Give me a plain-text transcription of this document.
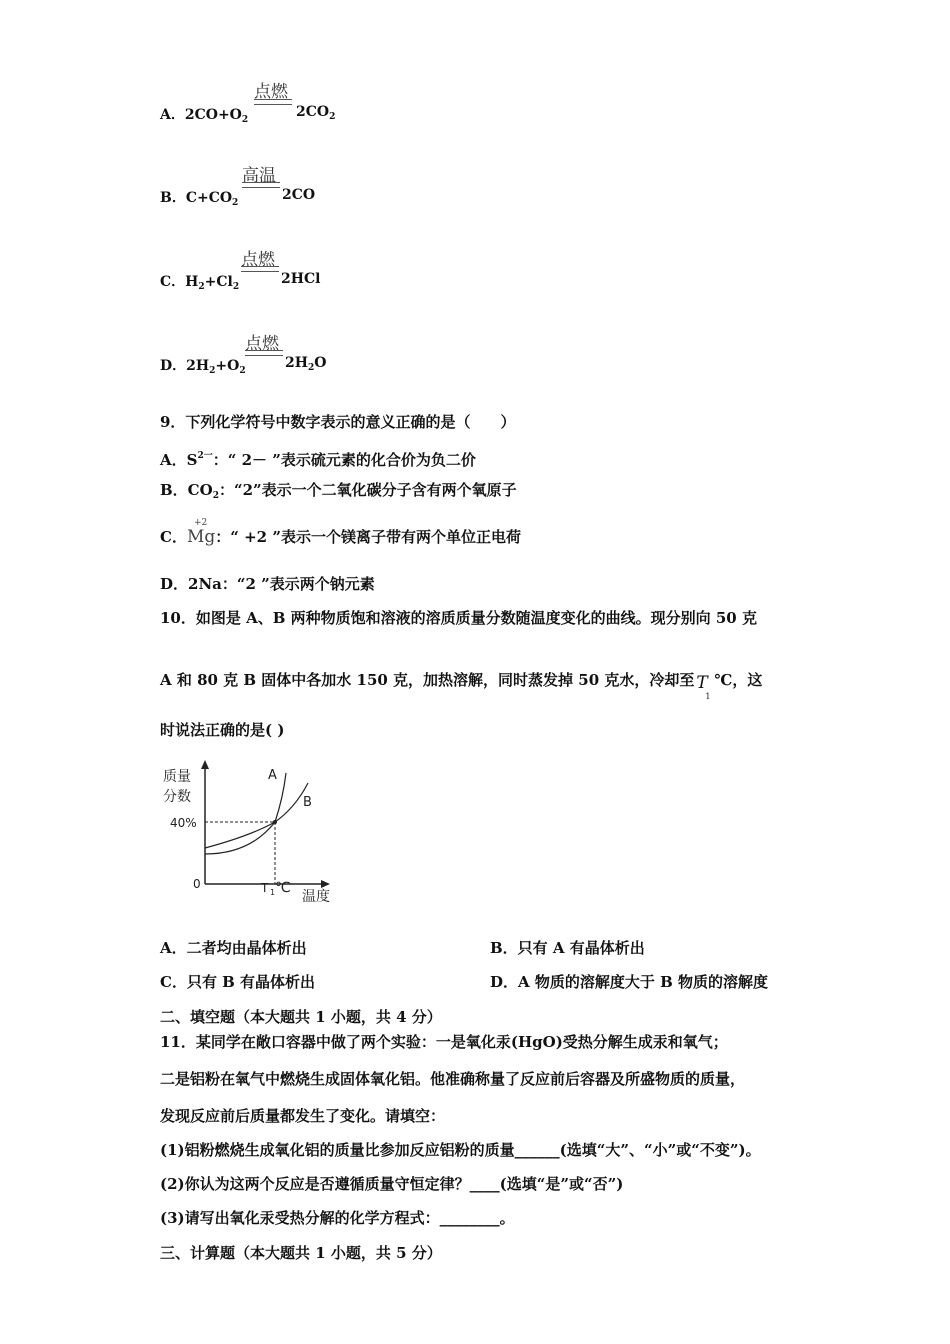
点燃
A．$2CO+O_2$	$2CO_2$
高温
B．$C+CO_2$	2CO
点燃
C．$H_2+Cl_2$	2HCl
点燃
D．$2H_2+O_2$	$2H_2O$
9．下列化学符号中数字表示的意义正确的是（　　）
A．$S^{2一}$：“ 2－ ”表示硫元素的化合价为负二价
B．$CO_2$：“2”表示一个二氧化碳分子含有两个氧原子
C．
+2
Mg：“ +2 ”表示一个镁离子带有两个单位正电荷
D．2Na：“2 ”表示两个钠元素
10．如图是 A、B 两种物质饱和溶液的溶质质量分数随温度变化的曲线。现分别向 50 克
A 和 80 克 B 固体中各加水 150 克，加热溶解，同时蒸发掉 50 克水，冷却至 T
1
℃，这
时说法正确的是( )
质量
分数
A
B
40%
0	T 1 ℃
温度
A．二者均由晶体析出	B．只有 A 有晶体析出
C．只有 B 有晶体析出	D．A 物质的溶解度大于 B 物质的溶解度
二、填空题（本大题共 1 小题，共 4 分）
11．某同学在敞口容器中做了两个实验：一是氧化汞(HgO)受热分解生成汞和氧气；
二是铝粉在氧气中燃烧生成固体氧化铝。他准确称量了反应前后容器及所盛物质的质量，
发现反应前后质量都发生了变化。请填空：
(1)铝粉燃烧生成氧化铝的质量比参加反应铝粉的质量______(选填“大”、“小”或“不变”)。
(2)你认为这两个反应是否遵循质量守恒定律？____(选填“是”或“否”)
(3)请写出氧化汞受热分解的化学方程式：________。
三、计算题（本大题共 1 小题，共 5 分）
